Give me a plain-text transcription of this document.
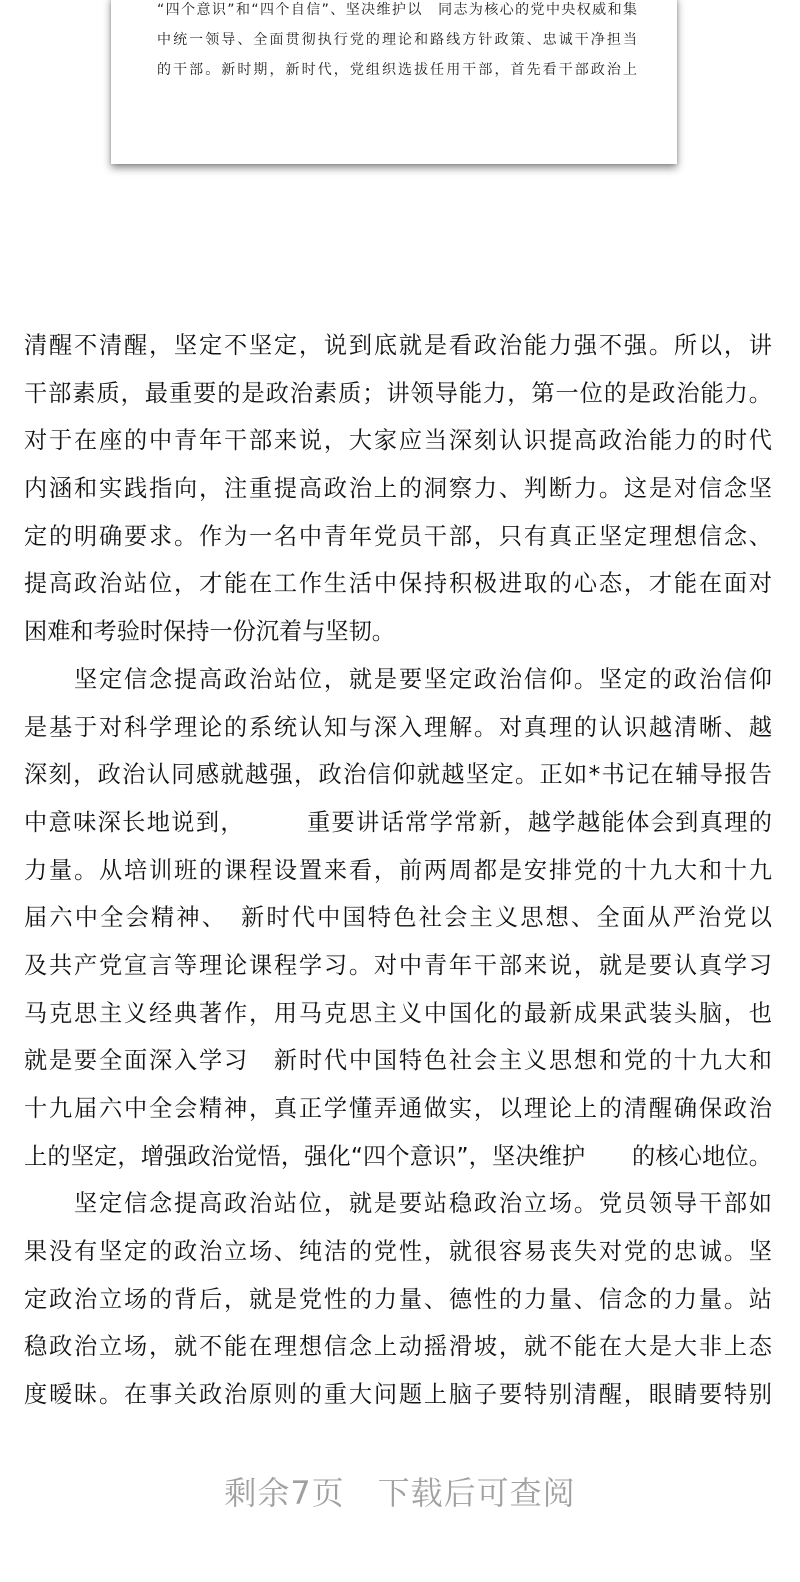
“四个意识”和“四个自信”、坚决维护以　同志为核心的党中央权威和集
中统一领导、全面贯彻执行党的理论和路线方针政策、忠诚干净担当
的干部。新时期，新时代，党组织选拔任用干部，首先看干部政治上
清醒不清醒，坚定不坚定，说到底就是看政治能力强不强。所以，讲
干部素质，最重要的是政治素质；讲领导能力，第一位的是政治能力。
对于在座的中青年干部来说，大家应当深刻认识提高政治能力的时代
内涵和实践指向，注重提高政治上的洞察力、判断力。这是对信念坚
定的明确要求。作为一名中青年党员干部，只有真正坚定理想信念、
提高政治站位，才能在工作生活中保持积极进取的心态，才能在面对
困难和考验时保持一份沉着与坚韧。
　　坚定信念提高政治站位，就是要坚定政治信仰。坚定的政治信仰
是基于对科学理论的系统认知与深入理解。对真理的认识越清晰、越
深刻，政治认同感就越强，政治信仰就越坚定。正如*书记在辅导报告
中意味深长地说到，　　　重要讲话常学常新，越学越能体会到真理的
力量。从培训班的课程设置来看，前两周都是安排党的十九大和十九
届六中全会精神、　新时代中国特色社会主义思想、全面从严治党以
及共产党宣言等理论课程学习。对中青年干部来说，就是要认真学习
马克思主义经典著作，用马克思主义中国化的最新成果武装头脑，也
就是要全面深入学习　新时代中国特色社会主义思想和党的十九大和
十九届六中全会精神，真正学懂弄通做实，以理论上的清醒确保政治
上的坚定，增强政治觉悟，强化“四个意识”，坚决维护　　的核心地位。
　　坚定信念提高政治站位，就是要站稳政治立场。党员领导干部如
果没有坚定的政治立场、纯洁的党性，就很容易丧失对党的忠诚。坚
定政治立场的背后，就是党性的力量、德性的力量、信念的力量。站
稳政治立场，就不能在理想信念上动摇滑坡，就不能在大是大非上态
度暧昧。在事关政治原则的重大问题上脑子要特别清醒，眼睛要特别
剩余7页　下载后可查阅
